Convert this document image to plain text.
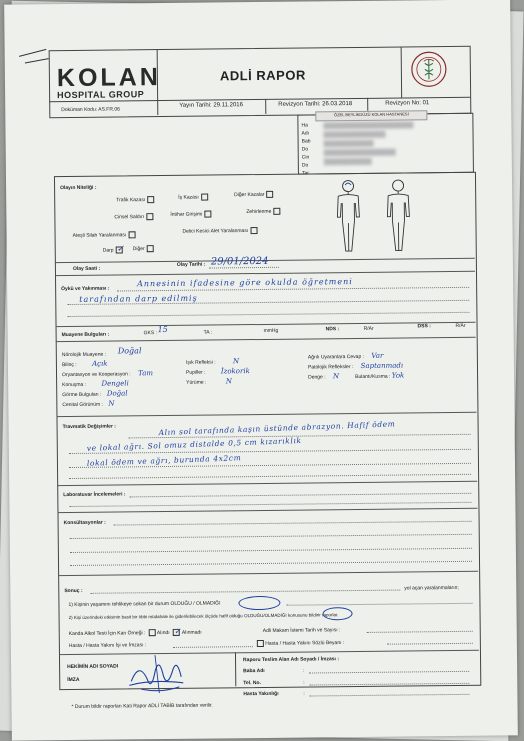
KOLAN
HOSPITAL GROUP
ADLİ RAPOR
Doküman Kodu: AS.FR.06
Yayın Tarihi: 29.11.2016	Revizyon Tarihi: 26.03.2018	Revizyon No: 01
ÖZEL BEYLİKDÜZÜ KOLAN HASTANESİ
Ha
Adı
Bab
Do
Cin
Do
Tar
Olayın Niteliği :
Trafik Kazası	İş Kazası	Diğer Kazalar
Cinsel Saldırı	İntihar Girişimi	Zehirlenme
Ateşli Silah Yaralanması
Delici Kesici Alet Yaralanması
Darp ✓ Diğer
Olay Saati :
Olay Tarihi : 29/01/2024
Öykü ve Yakınması :
Annesinin ifadesine göre okulda öğretmeni
tarafından darp edilmiş
Muayene Bulguları :	GKS : 15	TA :	mmHg	NDS :	R/Ar	DSS :	R/Ar
Nörolojik Muayene : Doğal
Bilinç : Açık
Oryantasyon ve Kooperasyon : Tam
Konuşma : Dengeli
Görme Bulguları : Doğal
Cenital Görünüm : N
Işık Refleksi : N
Pupiller : İzokorik
Yürüme :	N
Ağrılı Uyaranlara Cevap : Var
Patolojik Refleksler : Saptanmadı
Denge : N	Bulantı/Kusma : Yok
Travmatik Değişimler :	Alın sol tarafında kaşın üstünde abrazyon. Hafif ödem
ve lokal ağrı. Sol omuz distalde 0,5 cm kızarıklık
lokal ödem ve ağrı, burunda 4x2cm
Laboratuvar İncelemeleri :
Konsültasyonlar :
Sonuç :	yol açan yaralanmaların;
1) Kişinin yaşamını tehlikeye sokan bir durum OLDUĞU / OLMADIĞI
2) Kişi üzerindeki etkisinin basit bir tıbbi müdahale ile giderilebilecek ölçüde hafif olduğu OLDUĞU/OLMADIĞI konusunu bildirir raporlar.
Kanda Alkol Testi İçin Kan Örneği : Alındı ✓ Alınmadı	Adli Makam İstemi Tarih ve Sayısı :
Hasta / Hasta Yakını İşi ve İmzası :	Hasta / Hasta Yakını Sözlü Beyanı :
HEKİMİN ADI SOYADI
İMZA
Raporu Teslim Alan Adı Soyadı / İmzası :
Baba Adı	:
Tel. No.	:
Hasta Yakınlığı	:
* Durum bildir raporları Kati Rapor ADLİ TABİB tarafından verilir.
